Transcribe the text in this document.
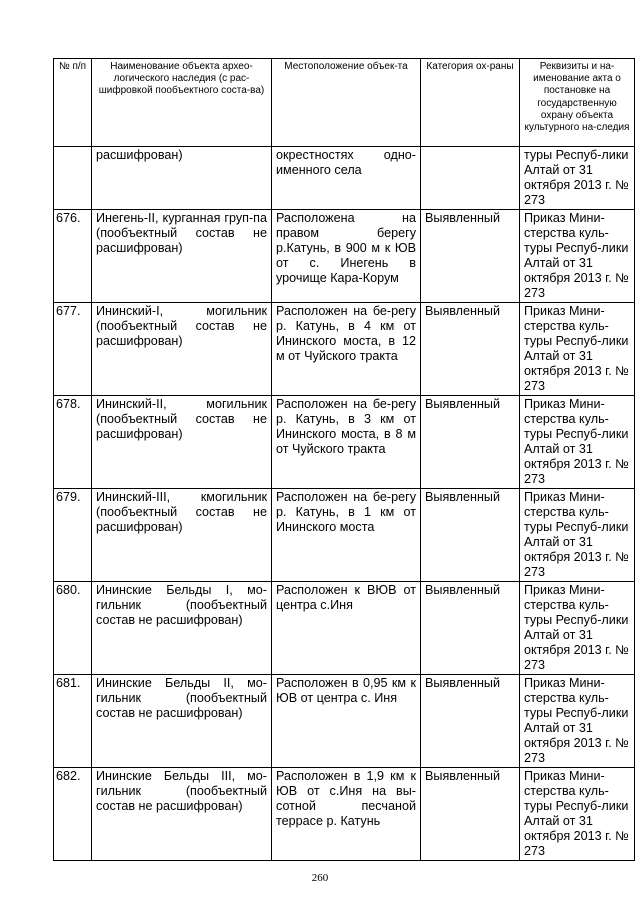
№ п/п	Наименование объекта архео-логического наследия (с рас-шифровкой пообъектного соста-ва)	Местоположение объек-та	Категория ох-раны	Реквизиты и на-именование акта о постановке на государственную охрану объекта культурного на-следия
	расшифрован)	окрестностях одно-именного села		туры Респуб-лики Алтай от 31 октября 2013 г. № 273
676.	Инегень-II, курганная груп-па (пообъектный состав не расшифрован)	Расположена на правом берегу р.Катунь, в 900 м к ЮВ от с. Инегень в урочище Кара-Корум	Выявленный	Приказ Мини-стерства куль-туры Респуб-лики Алтай от 31 октября 2013 г. № 273
677.	Ининский-I, могильник (пообъектный состав не расшифрован)	Расположен на бе-регу р. Катунь, в 4 км от Ининского моста, в 12 м от Чуйского тракта	Выявленный	Приказ Мини-стерства куль-туры Респуб-лики Алтай от 31 октября 2013 г. № 273
678.	Ининский-II, могильник (пообъектный состав не расшифрован)	Расположен на бе-регу р. Катунь, в 3 км от Ининского моста, в 8 м от Чуйского тракта	Выявленный	Приказ Мини-стерства куль-туры Респуб-лики Алтай от 31 октября 2013 г. № 273
679.	Ининский-III, кмогильник (пообъектный состав не расшифрован)	Расположен на бе-регу р. Катунь, в 1 км от Ининского моста	Выявленный	Приказ Мини-стерства куль-туры Респуб-лики Алтай от 31 октября 2013 г. № 273
680.	Ининские Бельды I, мо-гильник (пообъектный состав не расшифрован)	Расположен к ВЮВ от центра с.Иня	Выявленный	Приказ Мини-стерства куль-туры Респуб-лики Алтай от 31 октября 2013 г. № 273
681.	Ининские Бельды II, мо-гильник (пообъектный состав не расшифрован)	Расположен в 0,95 км к ЮВ от центра с. Иня	Выявленный	Приказ Мини-стерства куль-туры Респуб-лики Алтай от 31 октября 2013 г. № 273
682.	Ининские Бельды III, мо-гильник (пообъектный состав не расшифрован)	Расположен в 1,9 км к ЮВ от с.Иня на вы-сотной песчаной террасе р. Катунь	Выявленный	Приказ Мини-стерства куль-туры Респуб-лики Алтай от 31 октября 2013 г. № 273
260
